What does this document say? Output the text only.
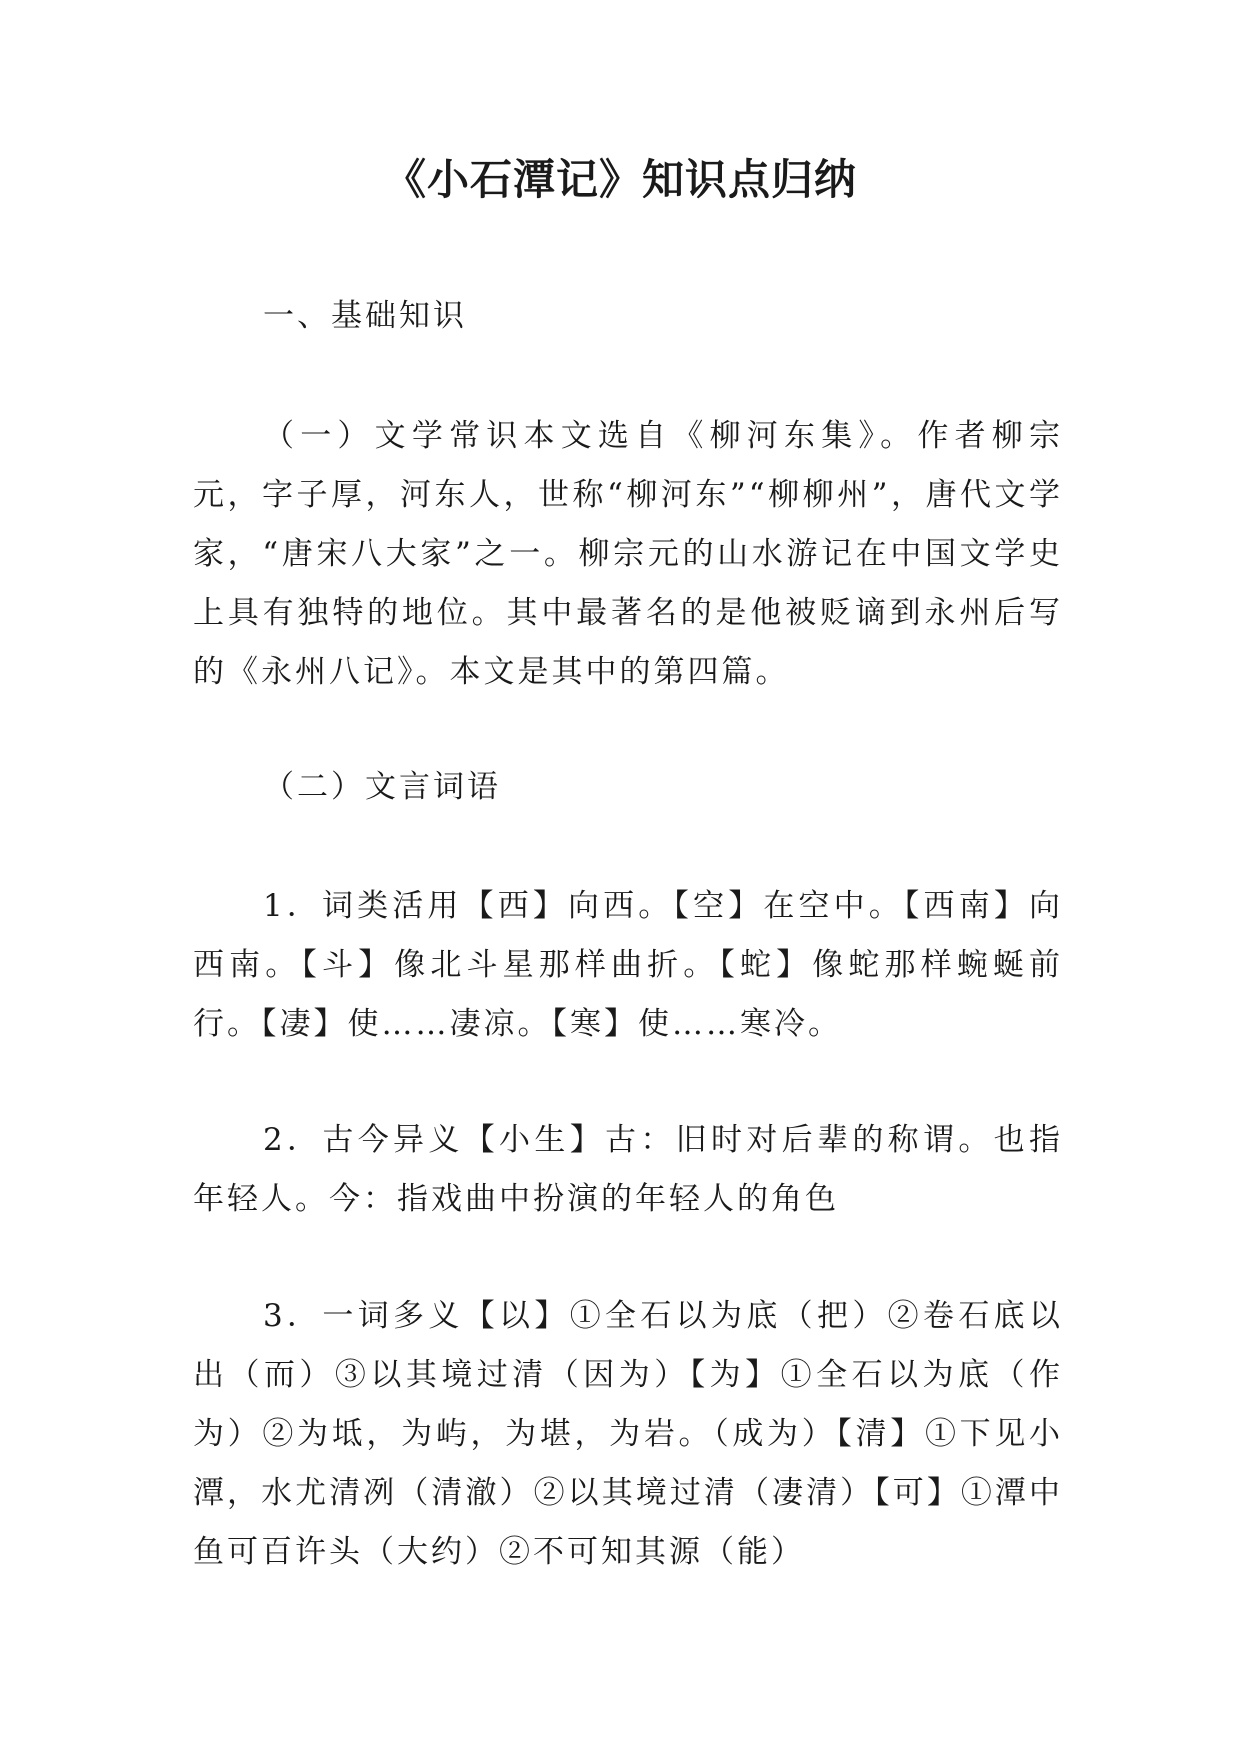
《小石潭记》知识点归纳

一、基础知识

（一）文学常识本文选自《柳河东集》。作者柳宗元，字子厚，河东人，世称“柳河东”“柳柳州”，唐代文学家，“唐宋八大家”之一。柳宗元的山水游记在中国文学史上具有独特的地位。其中最著名的是他被贬谪到永州后写的《永州八记》。本文是其中的第四篇。

（二）文言词语

1．词类活用【西】向西。【空】在空中。【西南】向西南。【斗】像北斗星那样曲折。【蛇】像蛇那样蜿蜒前行。【凄】使……凄凉。【寒】使……寒冷。

2．古今异义【小生】古：旧时对后辈的称谓。也指年轻人。今：指戏曲中扮演的年轻人的角色

3．一词多义【以】①全石以为底（把）②卷石底以出（而）③以其境过清（因为）【为】①全石以为底（作为）②为坻，为屿，为堪，为岩。（成为）【清】①下见小潭，水尤清冽（清澈）②以其境过清（凄清）【可】①潭中鱼可百许头（大约）②不可知其源（能）
